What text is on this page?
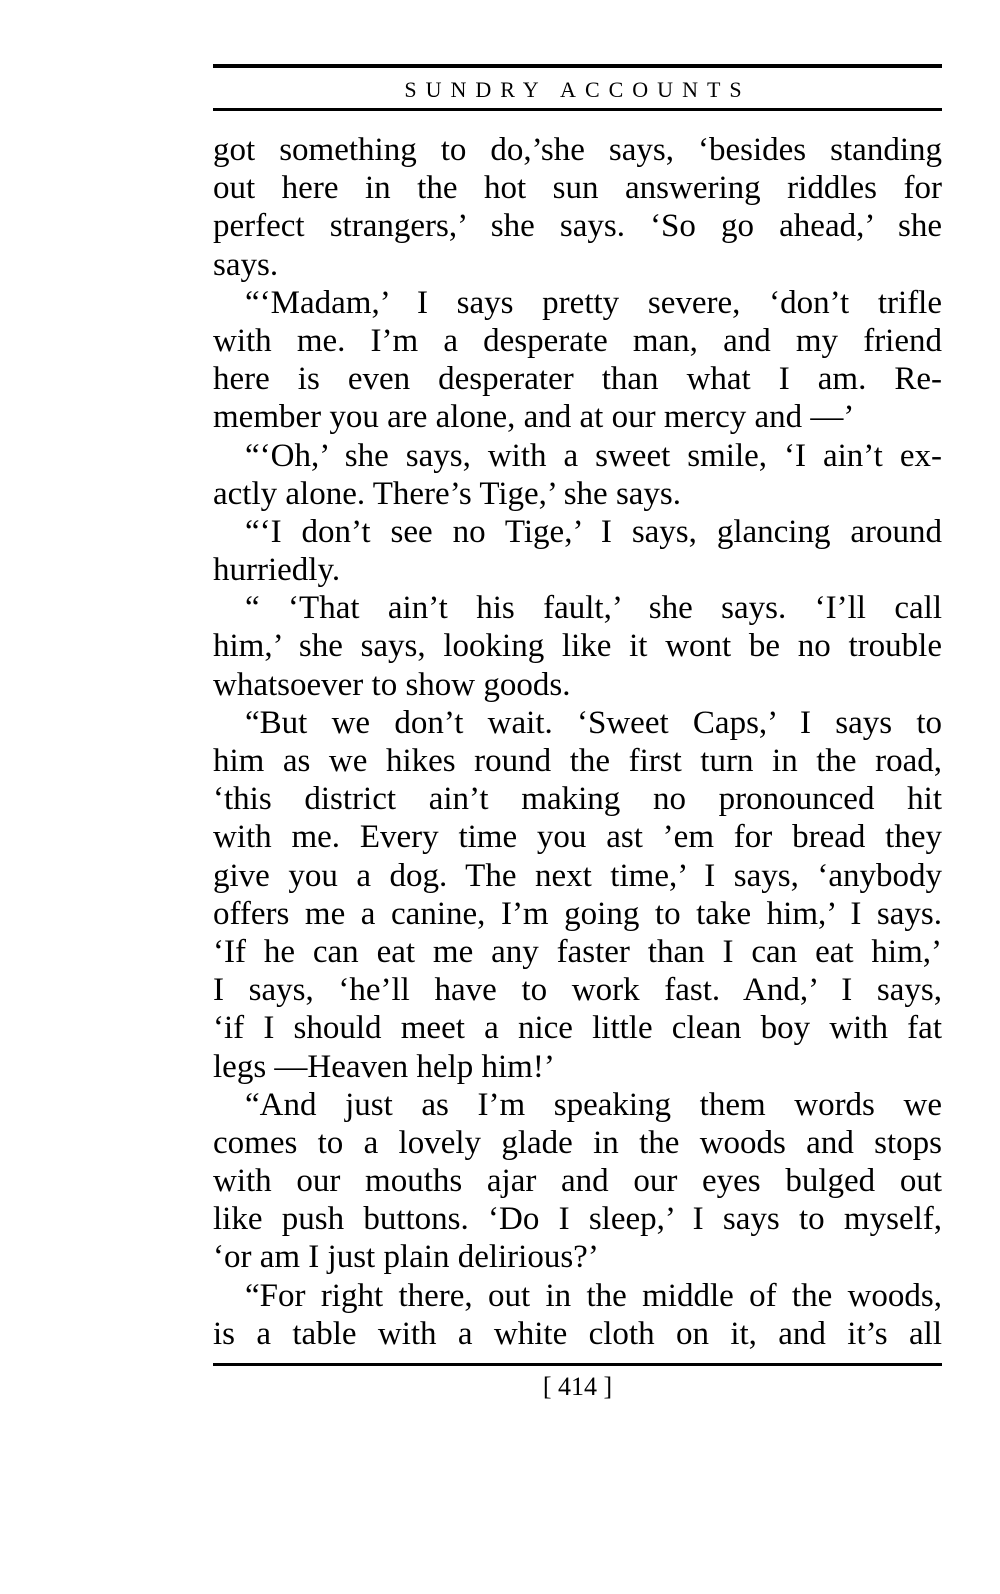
SUNDRY ACCOUNTS
got something to do,’she says, ‘besides standing
out here in the hot sun answering riddles for
perfect strangers,’ she says. ‘So go ahead,’ she
says.
“‘Madam,’ I says pretty severe, ‘don’t trifle
with me. I’m a desperate man, and my friend
here is even desperater than what I am. Re-
member you are alone, and at our mercy and —’
“‘Oh,’ she says, with a sweet smile, ‘I ain’t ex-
actly alone. There’s Tige,’ she says.
“‘I don’t see no Tige,’ I says, glancing around
hurriedly.
“ ‘That ain’t his fault,’ she says. ‘I’ll call
him,’ she says, looking like it wont be no trouble
whatsoever to show goods.
“But we don’t wait. ‘Sweet Caps,’ I says to
him as we hikes round the first turn in the road,
‘this district ain’t making no pronounced hit
with me. Every time you ast ’em for bread they
give you a dog. The next time,’ I says, ‘anybody
offers me a canine, I’m going to take him,’ I says.
‘If he can eat me any faster than I can eat him,’
I says, ‘he’ll have to work fast. And,’ I says,
‘if I should meet a nice little clean boy with fat
legs —Heaven help him!’
“And just as I’m speaking them words we
comes to a lovely glade in the woods and stops
with our mouths ajar and our eyes bulged out
like push buttons. ‘Do I sleep,’ I says to myself,
‘or am I just plain delirious?’
“For right there, out in the middle of the woods,
is a table with a white cloth on it, and it’s all
[ 414 ]
